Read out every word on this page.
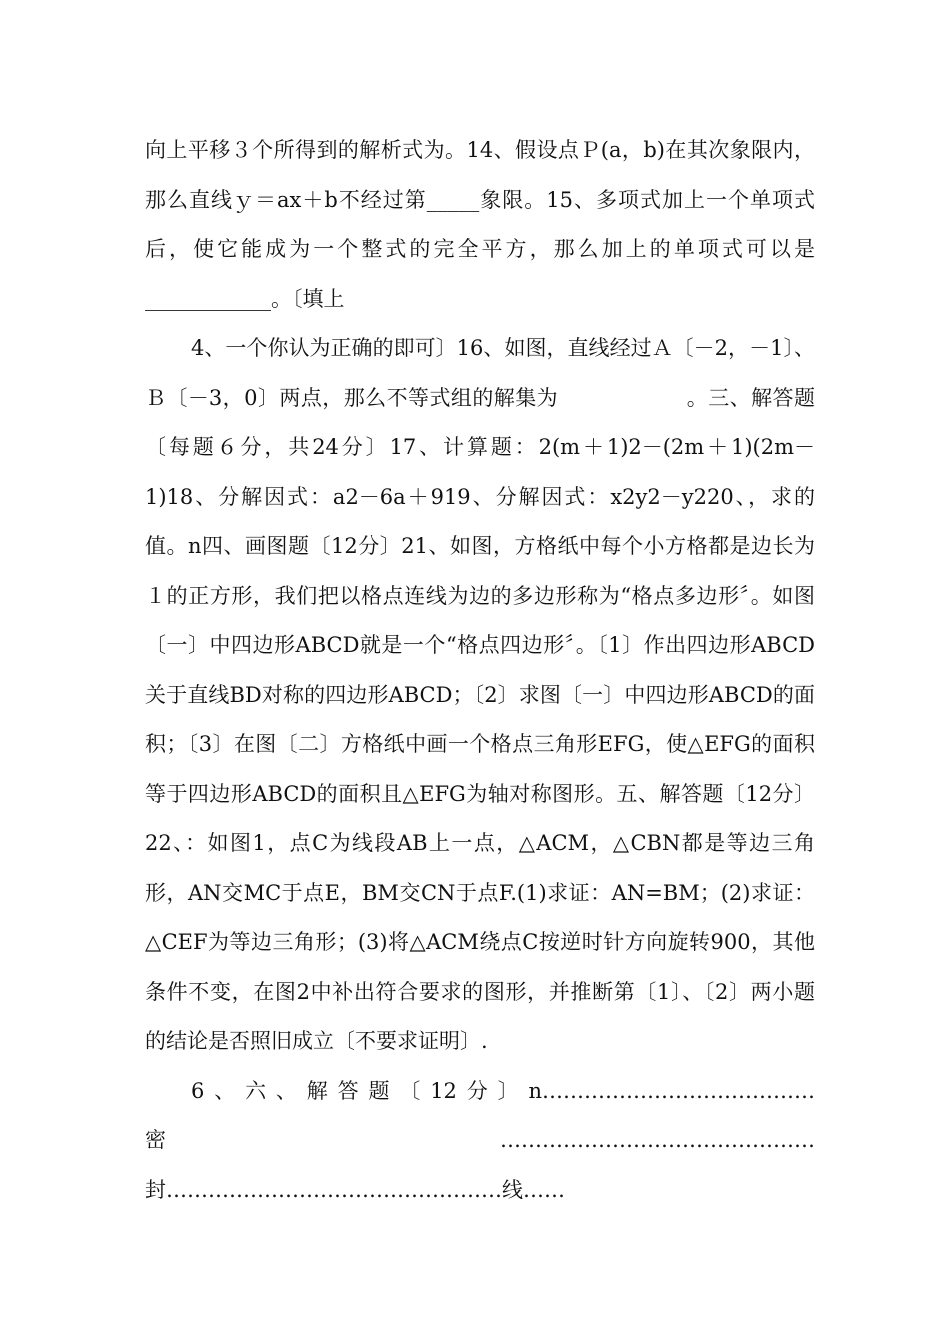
向上平移３个所得到的解析式为。14、假设点Ｐ(a，b)在其次象限内，那么直线ｙ＝ax＋b不经过第_____象限。15、多项式加上一个单项式后，使它能成为一个整式的完全平方，那么加上的单项式可以是____________。〔填上

4、一个你认为正确的即可〕16、如图，直线经过Ａ〔－2，－1〕、Ｂ〔－3，0〕两点，那么不等式组的解集为　　　　　　。三、解答题〔每题６分，共24分〕17、计算题：2(m＋1)2－(2m＋1)(2m－1)18、分解因式：a2－6a＋919、分解因式：x2y2－y220、，求的值。n四、画图题〔12分〕21、如图，方格纸中每个小方格都是边长为１的正方形，我们把以格点连线为边的多边形称为“格点多边形〞。如图〔一〕中四边形ABCD就是一个“格点四边形〞。〔1〕作出四边形ABCD关于直线BD对称的四边形ABCD；〔2〕求图〔一〕中四边形ABCD的面积；〔3〕在图〔二〕方格纸中画一个格点三角形EFG，使△EFG的面积等于四边形ABCD的面积且△EFG为轴对称图形。五、解答题〔12分〕22、：如图1，点C为线段AB上一点，△ACM，△CBN都是等边三角形，AN交MC于点E，BM交CN于点F.(1)求证：AN=BM；(2)求证：△CEF为等边三角形；(3)将△ACM绕点C按逆时针方向旋转900，其他条件不变，在图2中补出符合要求的图形，并推断第〔1〕、〔2〕两小题的结论是否照旧成立〔不要求证明〕.

6、六、解答题〔12分〕n…………………………………密………………………………………封…………………………………………线……
